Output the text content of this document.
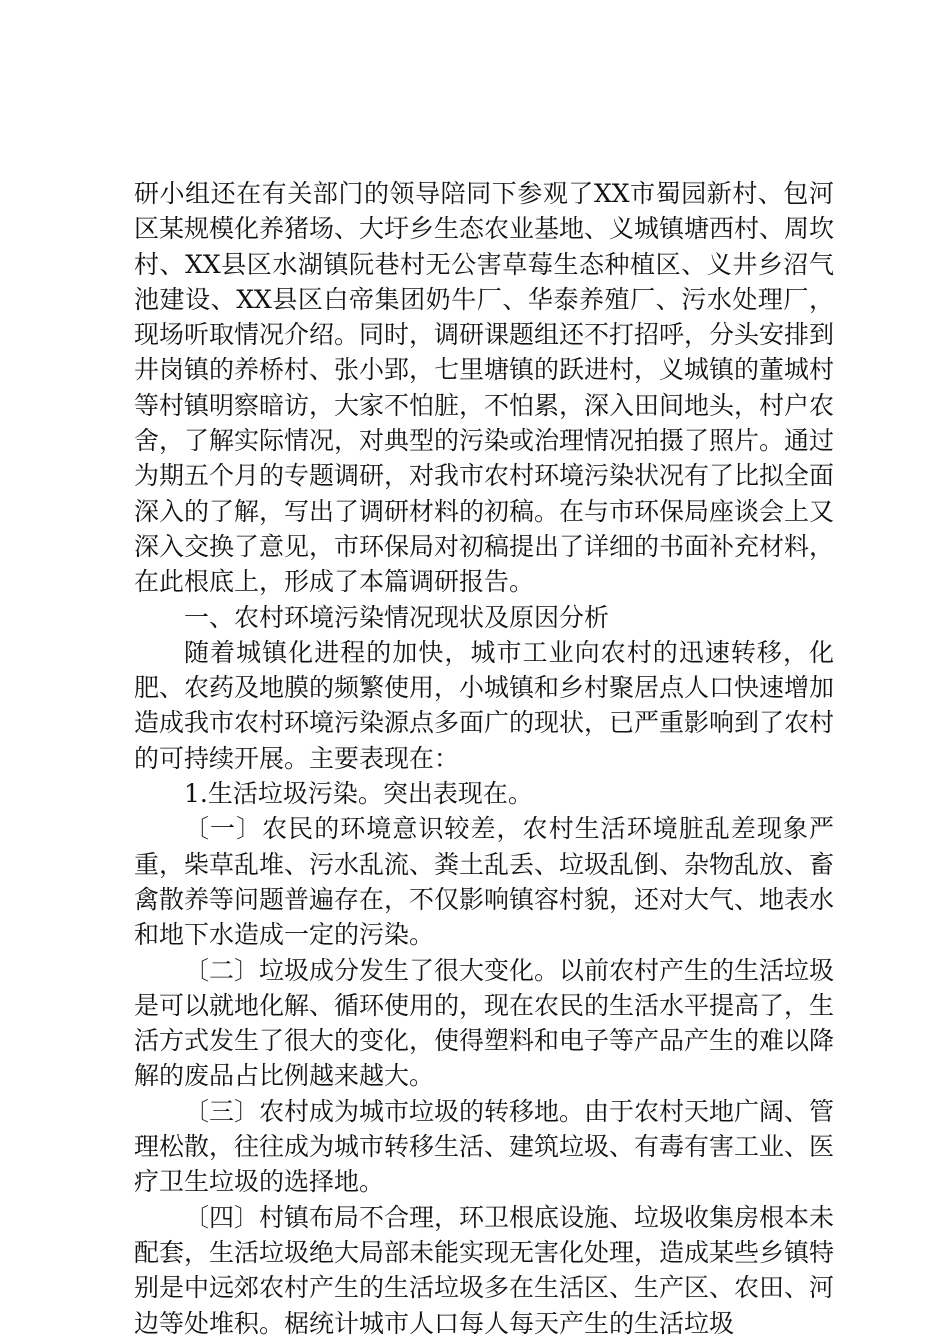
研小组还在有关部门的领导陪同下参观了XX市蜀园新村、包河区某规模化养猪场、大圩乡生态农业基地、义城镇塘西村、周坎村、XX县区水湖镇阮巷村无公害草莓生态种植区、义井乡沼气池建设、XX县区白帝集团奶牛厂、华泰养殖厂、污水处理厂，现场听取情况介绍。同时，调研课题组还不打招呼，分头安排到井岗镇的养桥村、张小郢，七里塘镇的跃进村，义城镇的董城村等村镇明察暗访，大家不怕脏，不怕累，深入田间地头，村户农舍，了解实际情况，对典型的污染或治理情况拍摄了照片。通过为期五个月的专题调研，对我市农村环境污染状况有了比拟全面深入的了解，写出了调研材料的初稿。在与市环保局座谈会上又深入交换了意见，市环保局对初稿提出了详细的书面补充材料，在此根底上，形成了本篇调研报告。

一、农村环境污染情况现状及原因分析

随着城镇化进程的加快，城市工业向农村的迅速转移，化肥、农药及地膜的频繁使用，小城镇和乡村聚居点人口快速增加造成我市农村环境污染源点多面广的现状，已严重影响到了农村的可持续开展。主要表现在：

1.生活垃圾污染。突出表现在。

〔一〕农民的环境意识较差，农村生活环境脏乱差现象严重，柴草乱堆、污水乱流、粪土乱丢、垃圾乱倒、杂物乱放、畜禽散养等问题普遍存在，不仅影响镇容村貌，还对大气、地表水和地下水造成一定的污染。

〔二〕垃圾成分发生了很大变化。以前农村产生的生活垃圾是可以就地化解、循环使用的，现在农民的生活水平提高了，生活方式发生了很大的变化，使得塑料和电子等产品产生的难以降解的废品占比例越来越大。

〔三〕农村成为城市垃圾的转移地。由于农村天地广阔、管理松散，往往成为城市转移生活、建筑垃圾、有毒有害工业、医疗卫生垃圾的选择地。

〔四〕村镇布局不合理，环卫根底设施、垃圾收集房根本未配套，生活垃圾绝大局部未能实现无害化处理，造成某些乡镇特别是中远郊农村产生的生活垃圾多在生活区、生产区、农田、河边等处堆积。椐统计城市人口每人每天产生的生活垃圾
